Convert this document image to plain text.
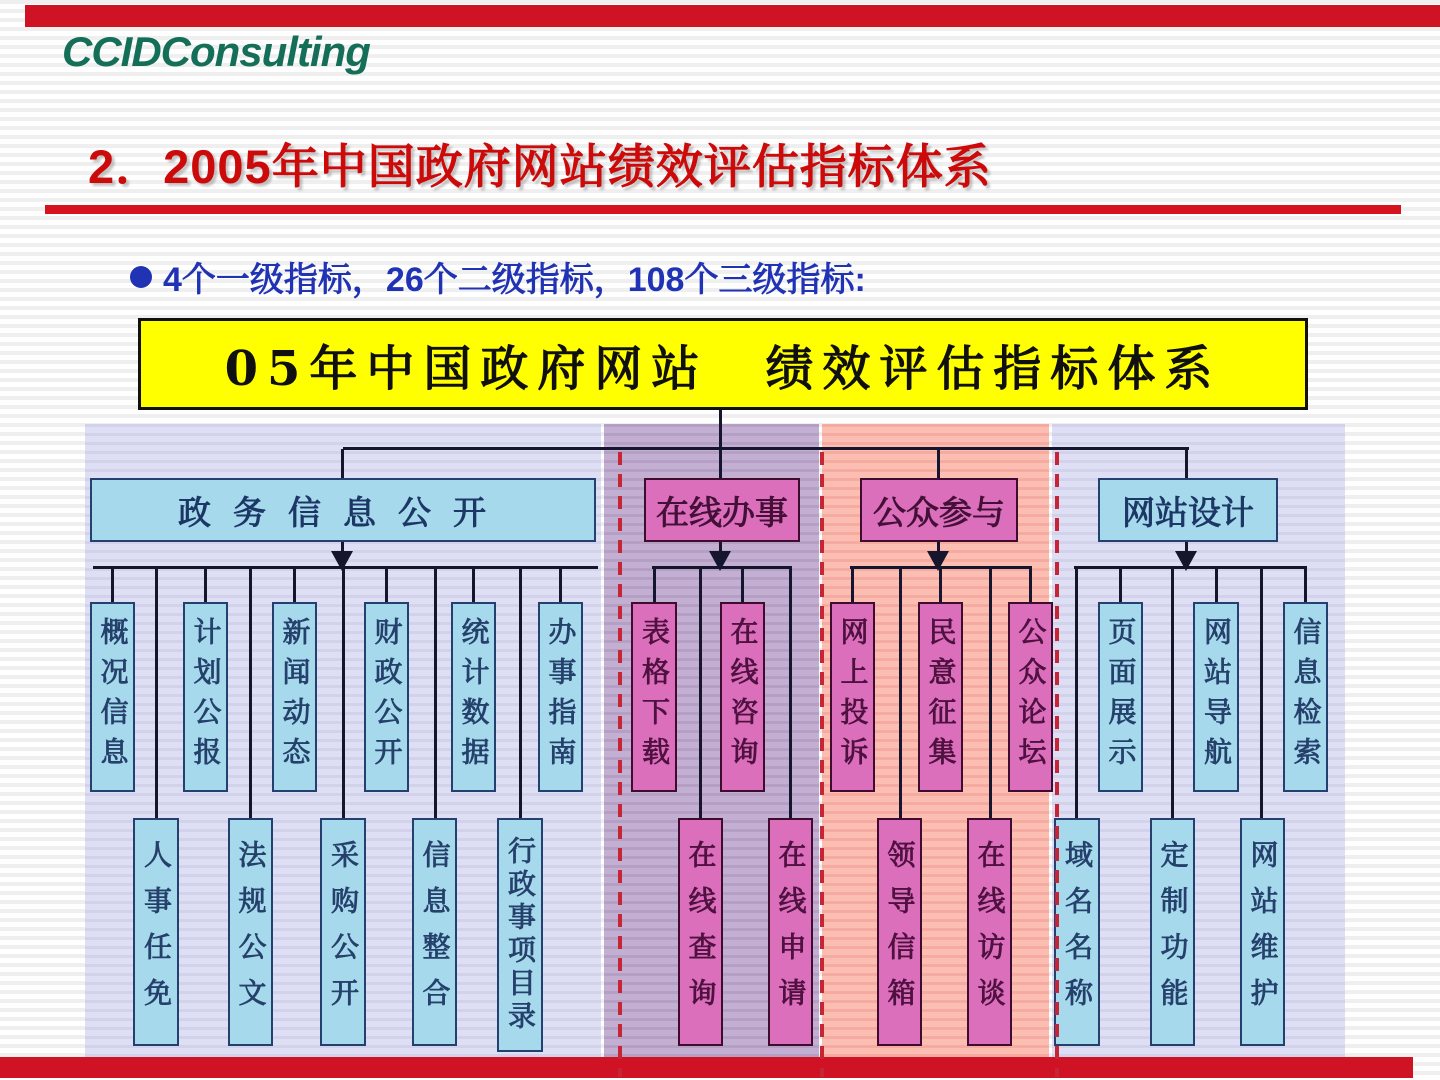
CCIDConsulting
2．2005年中国政府网站绩效评估指标体系
4个一级指标，26个二级指标，108个三级指标:
05年中国政府网站　绩效评估指标体系
政务信息公开	在线办事	公众参与	网站设计
概况信息 计划公报 新闻动态 财政公开 统计数据 办事指南
人事任免 法规公文 采购公开 信息整合 行政事项目录
表格下载 在线咨询
在线查询 在线申请
网上投诉 民意征集 公众论坛
领导信箱 在线访谈
页面展示 网站导航 信息检索
域名名称 定制功能 网站维护
